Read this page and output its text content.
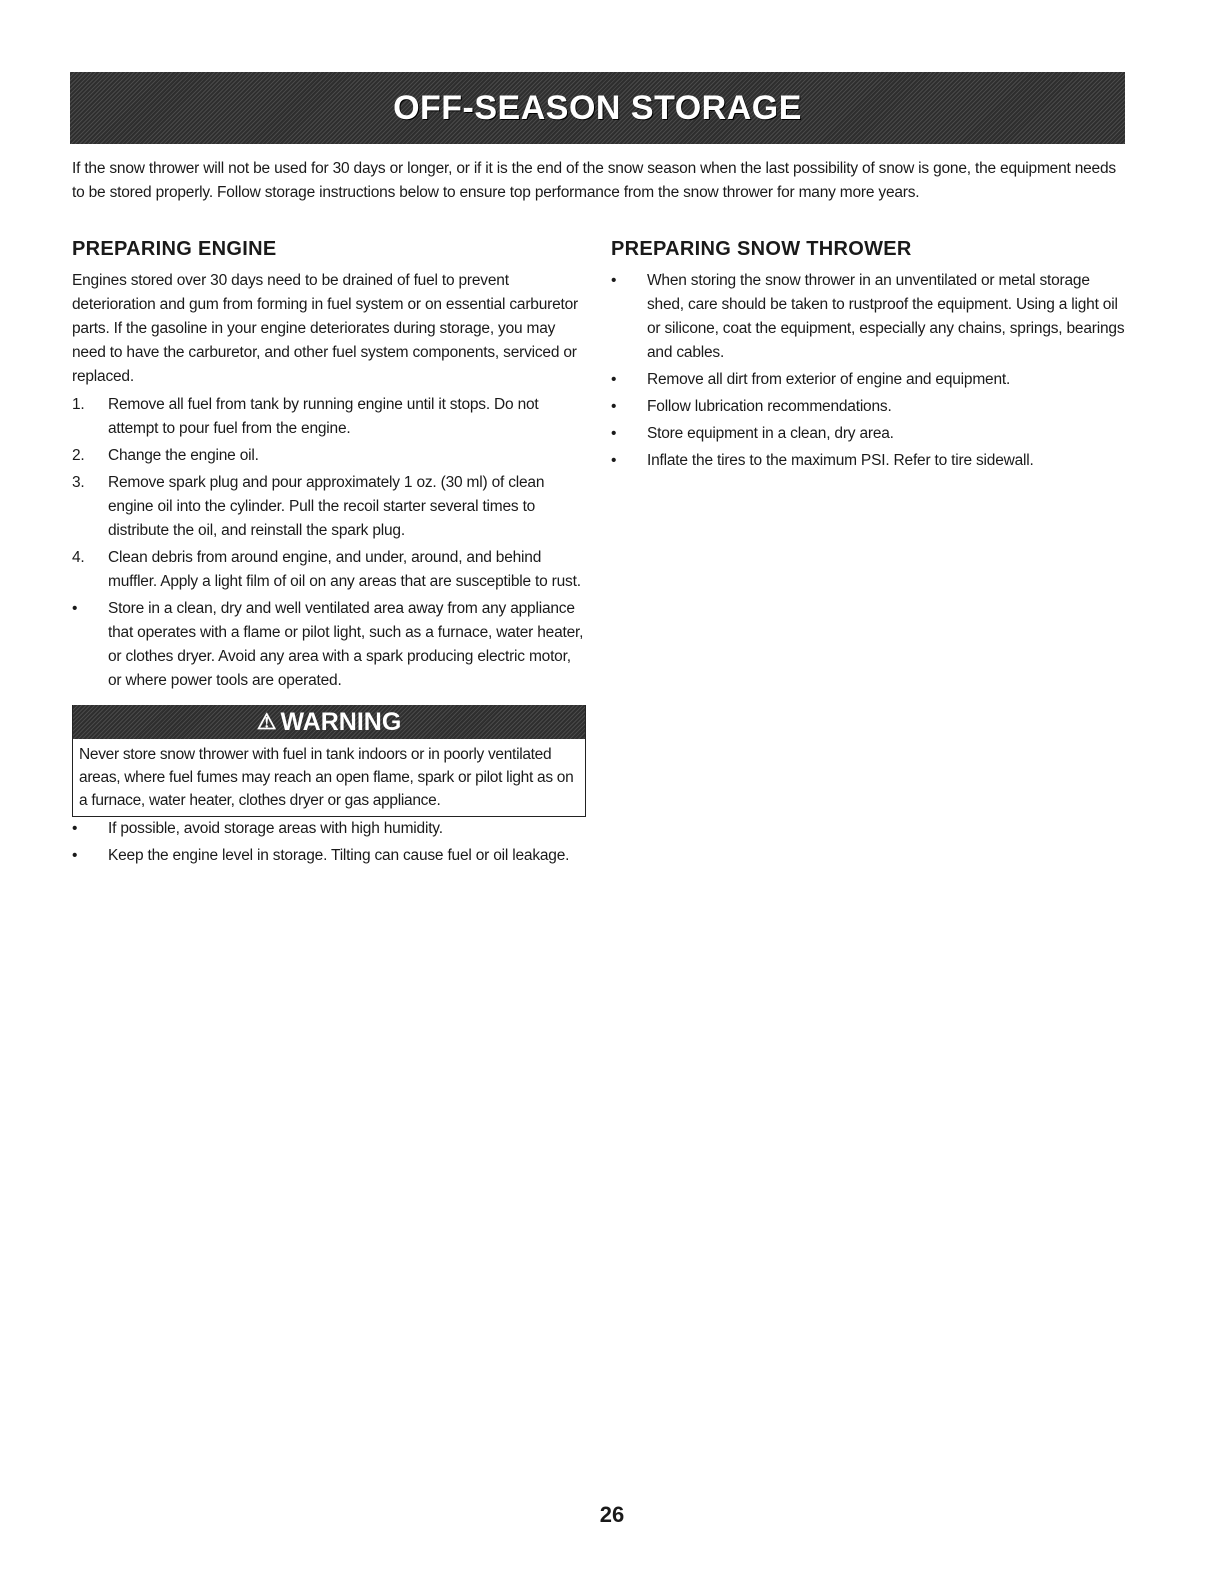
OFF-SEASON STORAGE

If the snow thrower will not be used for 30 days or longer, or if it is the end of the snow season when the last possibility of snow is gone, the equipment needs to be stored properly. Follow storage instructions below to ensure top performance from the snow thrower for many more years.

PREPARING ENGINE

Engines stored over 30 days need to be drained of fuel to prevent deterioration and gum from forming in fuel system or on essential carburetor parts. If the gasoline in your engine deteriorates during storage, you may need to have the carburetor, and other fuel system components, serviced or replaced.

1.	Remove all fuel from tank by running engine until it stops. Do not attempt to pour fuel from the engine.
2.	Change the engine oil.
3.	Remove spark plug and pour approximately 1 oz. (30 ml) of clean engine oil into the cylinder. Pull the recoil starter several times to distribute the oil, and reinstall the spark plug.
4.	Clean debris from around engine, and under, around, and behind muffler. Apply a light film of oil on any areas that are susceptible to rust.
•	Store in a clean, dry and well ventilated area away from any appliance that operates with a flame or pilot light, such as a furnace, water heater, or clothes dryer. Avoid any area with a spark producing electric motor, or where power tools are operated.
⚠ WARNING
Never store snow thrower with fuel in tank indoors or in poorly ventilated areas, where fuel fumes may reach an open flame, spark or pilot light as on a furnace, water heater, clothes dryer or gas appliance.
•	If possible, avoid storage areas with high humidity.
•	Keep the engine level in storage. Tilting can cause fuel or oil leakage.
PREPARING SNOW THROWER
•	When storing the snow thrower in an unventilated or metal storage shed, care should be taken to rustproof the equipment. Using a light oil or silicone, coat the equipment, especially any chains, springs, bearings and cables.
•	Remove all dirt from exterior of engine and equipment.
•	Follow lubrication recommendations.
•	Store equipment in a clean, dry area.
•	Inflate the tires to the maximum PSI. Refer to tire sidewall.
26
